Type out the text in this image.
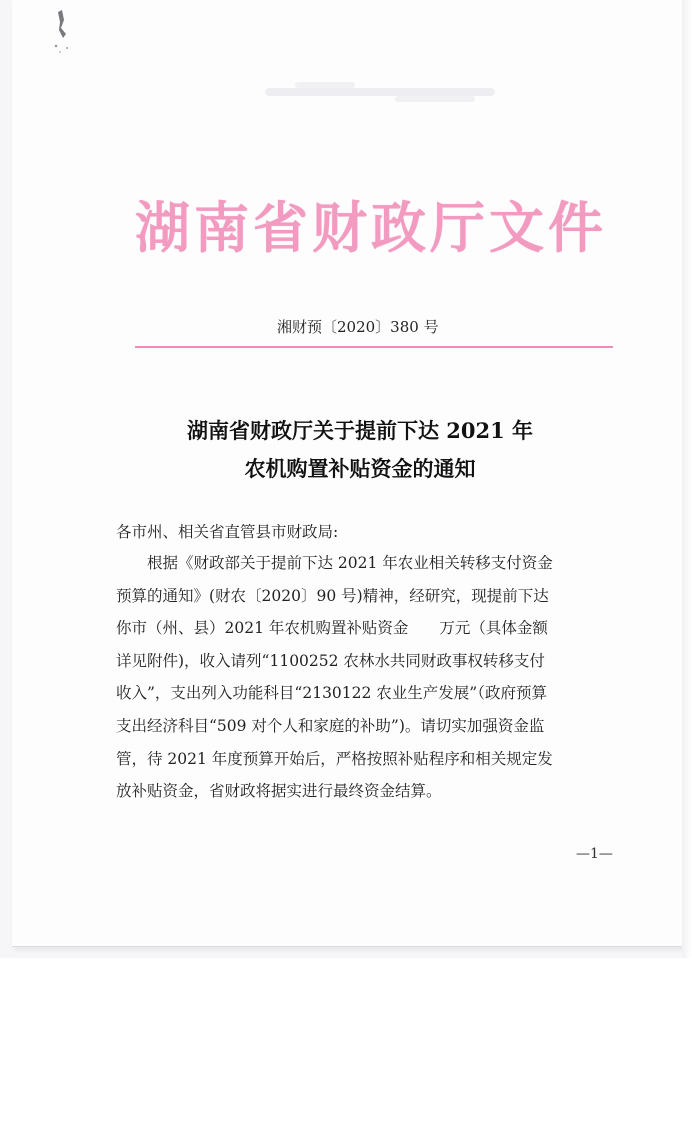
湖南省财政厅文件
湘财预〔2020〕380 号
湖南省财政厅关于提前下达 2021 年
农机购置补贴资金的通知
各市州、相关省直管县市财政局:
根据《财政部关于提前下达 2021 年农业相关转移支付资金
预算的通知》(财农〔2020〕90 号)精神，经研究，现提前下达
你市（州、县）2021 年农机购置补贴资金　　万元（具体金额
详见附件)，收入请列“1100252 农林水共同财政事权转移支付
收入”，支出列入功能科目“2130122 农业生产发展”（政府预算
支出经济科目“509 对个人和家庭的补助”)。请切实加强资金监
管，待 2021 年度预算开始后，严格按照补贴程序和相关规定发
放补贴资金，省财政将据实进行最终资金结算。
—1—
